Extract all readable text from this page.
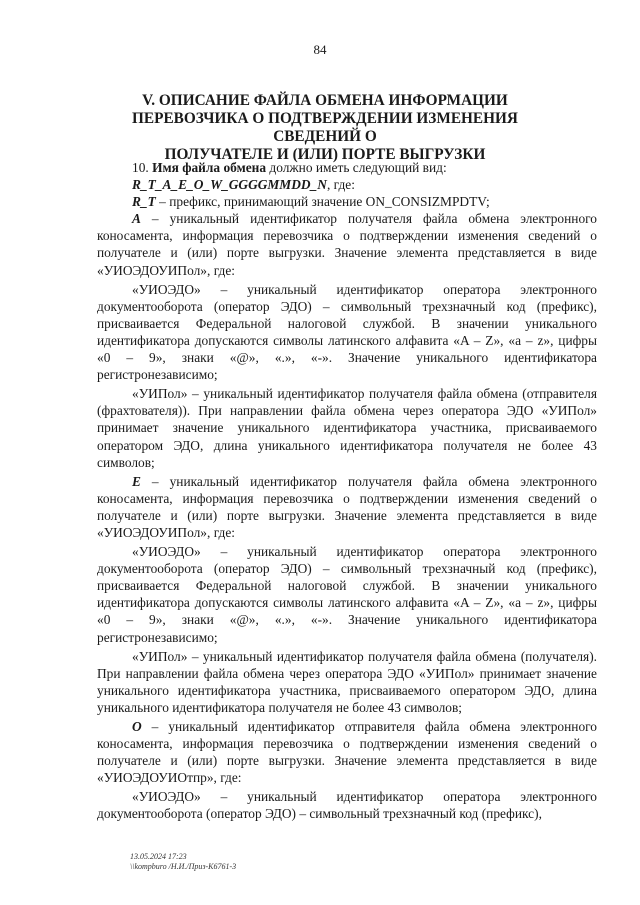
84
V. ОПИСАНИЕ ФАЙЛА ОБМЕНА ИНФОРМАЦИИ
ПЕРЕВОЗЧИКА О ПОДТВЕРЖДЕНИИ ИЗМЕНЕНИЯ СВЕДЕНИЙ О
ПОЛУЧАТЕЛЕ И (ИЛИ) ПОРТЕ ВЫГРУЗКИ

10. Имя файла обмена должно иметь следующий вид:

R_T_A_E_O_W_GGGGMMDD_N, где:

R_T – префикс, принимающий значение ON_CONSIZMPDTV;

A – уникальный идентификатор получателя файла обмена электронного коносамента, информация перевозчика о подтверждении изменения сведений о получателе и (или) порте выгрузки. Значение элемента представляется в виде «УИОЭДОУИПол», где:

«УИОЭДО» – уникальный идентификатор оператора электронного документооборота (оператор ЭДО) – символьный трехзначный код (префикс), присваивается Федеральной налоговой службой. В значении уникального идентификатора допускаются символы латинского алфавита «A – Z», «a – z», цифры «0 – 9», знаки «@», «.», «-». Значение уникального идентификатора регистронезависимо;

«УИПол» – уникальный идентификатор получателя файла обмена (отправителя (фрахтователя)). При направлении файла обмена через оператора ЭДО «УИПол» принимает значение уникального идентификатора участника, присваиваемого оператором ЭДО, длина уникального идентификатора получателя не более 43 символов;

E – уникальный идентификатор получателя файла обмена электронного коносамента, информация перевозчика о подтверждении изменения сведений о получателе и (или) порте выгрузки. Значение элемента представляется в виде «УИОЭДОУИПол», где:

«УИОЭДО» – уникальный идентификатор оператора электронного документооборота (оператор ЭДО) – символьный трехзначный код (префикс), присваивается Федеральной налоговой службой. В значении уникального идентификатора допускаются символы латинского алфавита «A – Z», «a – z», цифры «0 – 9», знаки «@», «.», «-». Значение уникального идентификатора регистронезависимо;

«УИПол» – уникальный идентификатор получателя файла обмена (получателя). При направлении файла обмена через оператора ЭДО «УИПол» принимает значение уникального идентификатора участника, присваиваемого оператором ЭДО, длина уникального идентификатора получателя не более 43 символов;

O – уникальный идентификатор отправителя файла обмена электронного коносамента, информация перевозчика о подтверждении изменения сведений о получателе и (или) порте выгрузки. Значение элемента представляется в виде «УИОЭДОУИОтпр», где:

«УИОЭДО» – уникальный идентификатор оператора электронного документооборота (оператор ЭДО) – символьный трехзначный код (префикс),

13.05.2024 17:23
\\kompburo /Н.И./Приз-К6761-3
